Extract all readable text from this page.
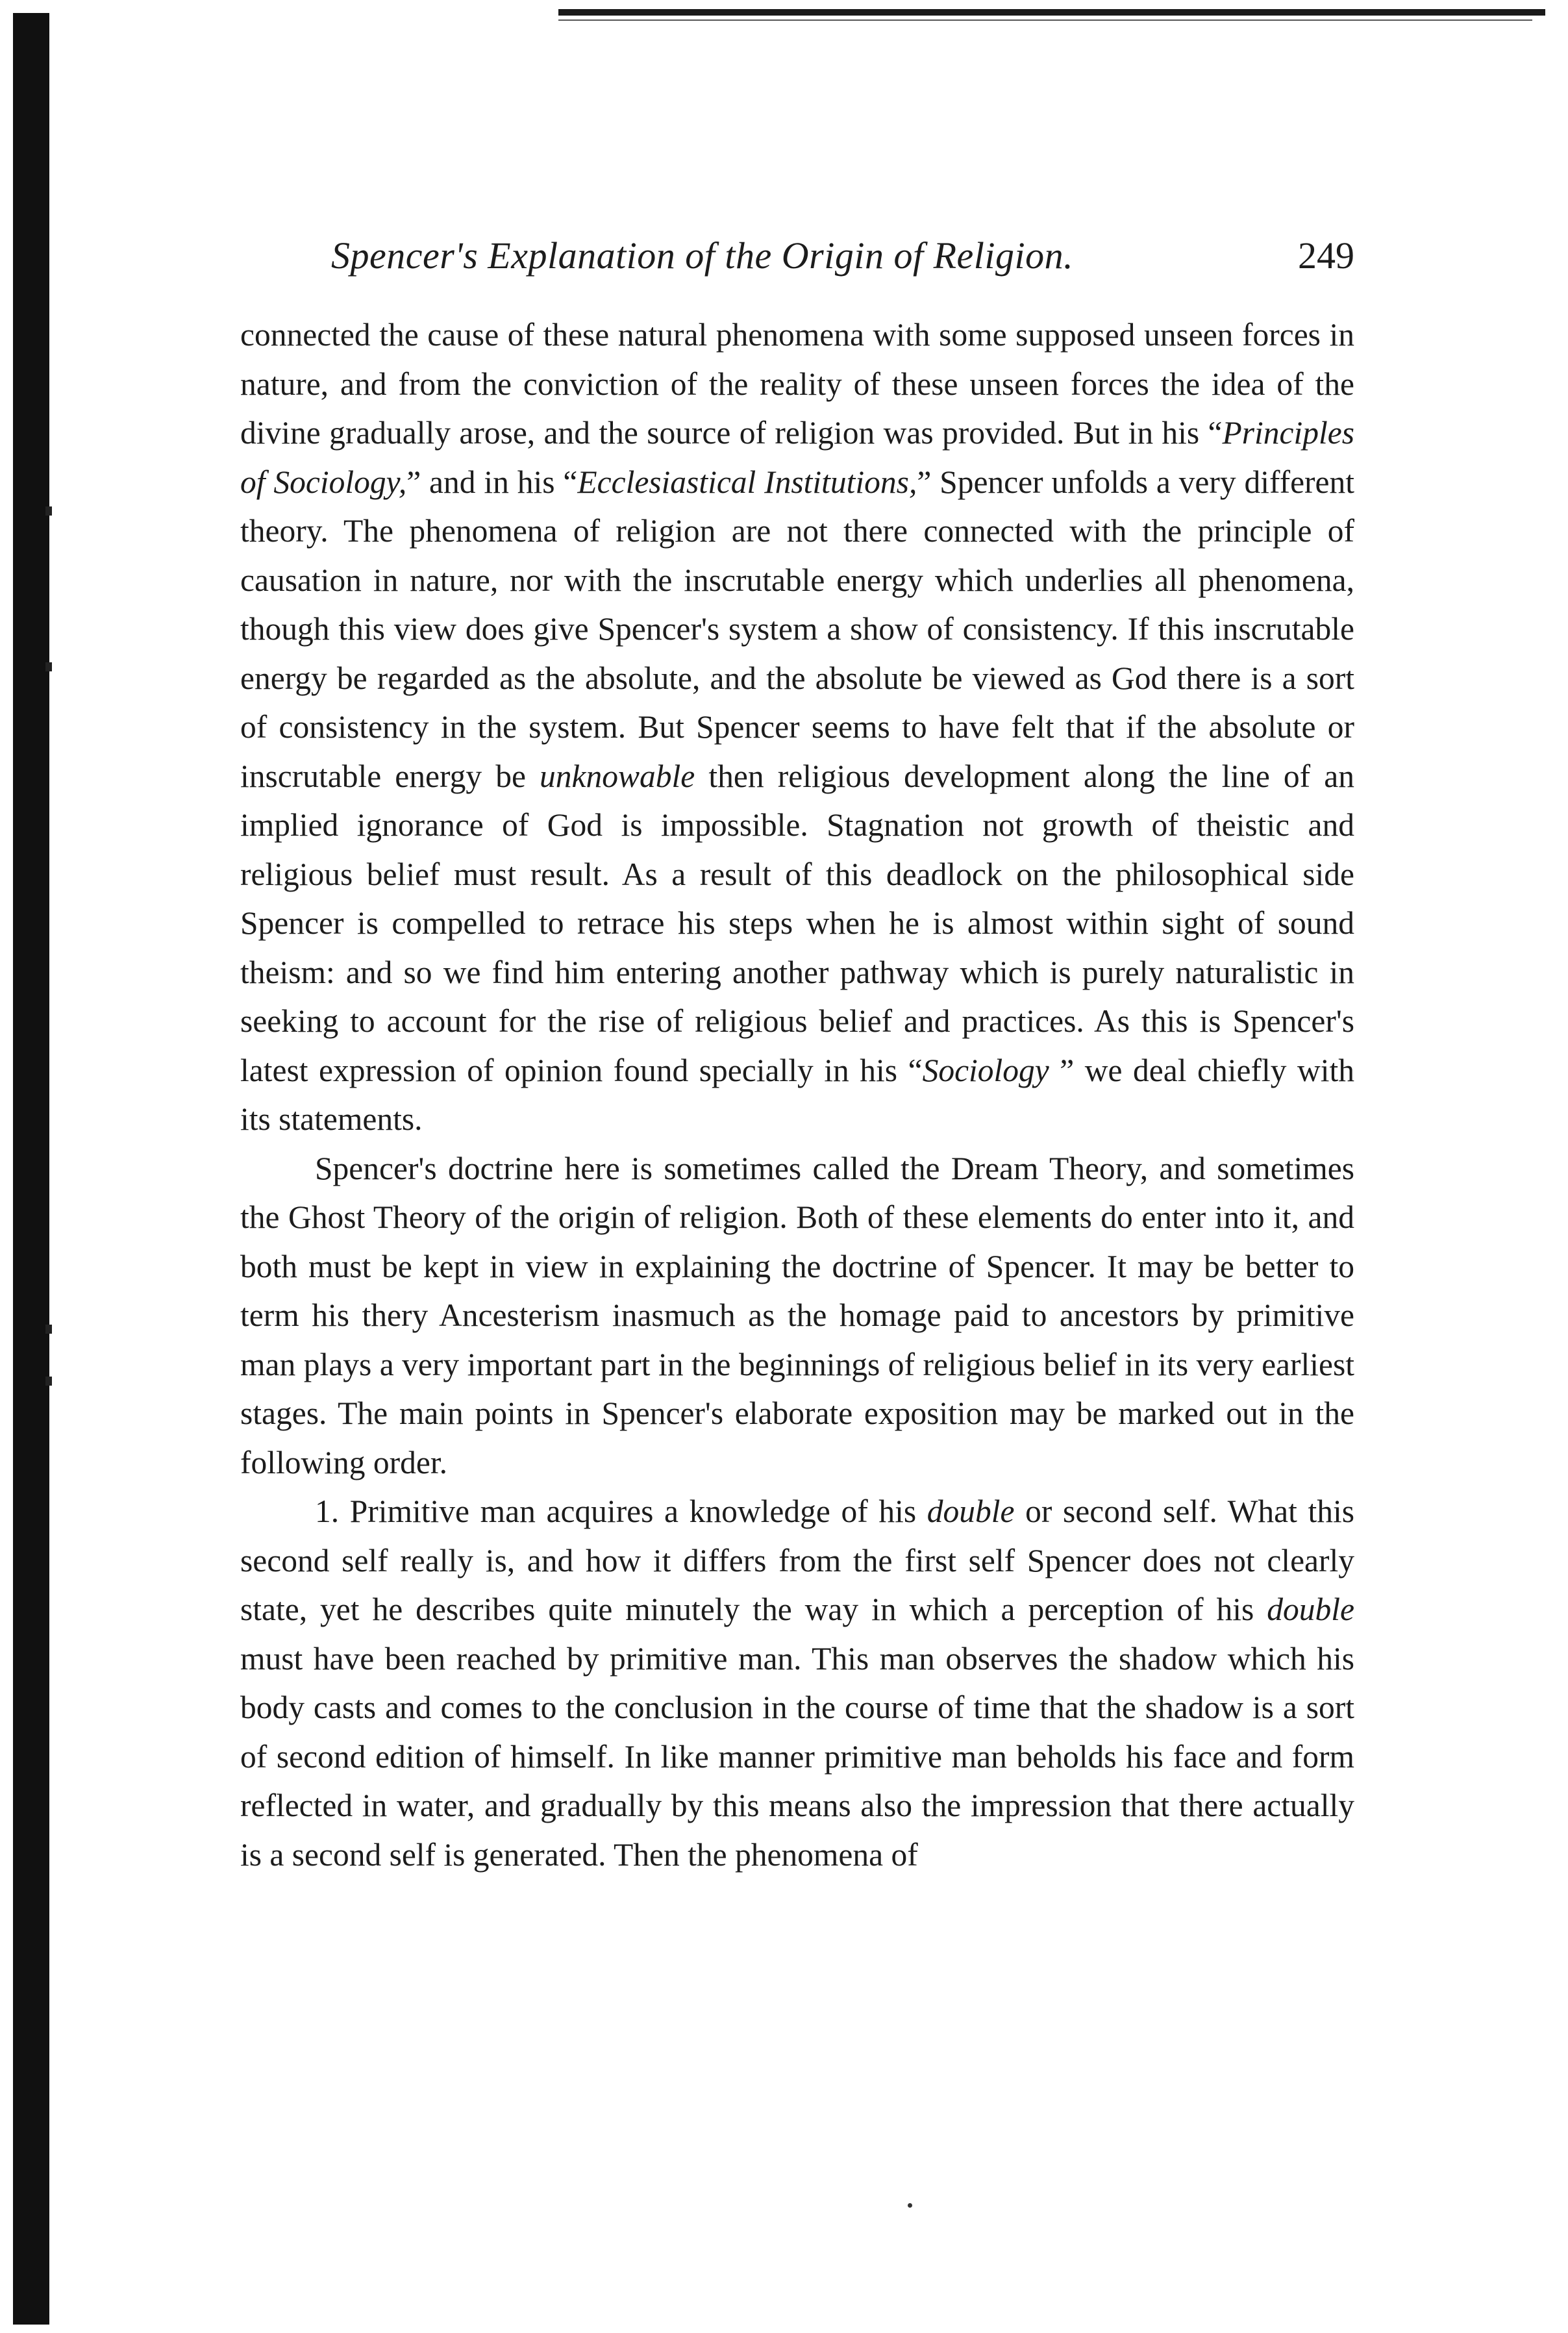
Spencer's Explanation of the Origin of Religion.	249

connected the cause of these natural phenomena with some supposed unseen forces in nature, and from the conviction of the reality of these unseen forces the idea of the divine gradually arose, and the source of religion was provided. But in his “Principles of Sociology,” and in his “Ecclesiastical Institutions,” Spencer unfolds a very different theory. The phenomena of religion are not there connected with the principle of causation in nature, nor with the inscrutable energy which underlies all phenomena, though this view does give Spencer's system a show of consistency. If this inscrutable energy be regarded as the absolute, and the absolute be viewed as God there is a sort of consistency in the system. But Spencer seems to have felt that if the absolute or inscrutable energy be unknowable then religious development along the line of an implied ignorance of God is impossible. Stagnation not growth of theistic and religious belief must result. As a result of this deadlock on the philosophical side Spencer is compelled to retrace his steps when he is almost within sight of sound theism: and so we find him entering another pathway which is purely naturalistic in seeking to account for the rise of religious belief and practices. As this is Spencer's latest expression of opinion found specially in his “Sociology ” we deal chiefly with its statements.

Spencer's doctrine here is sometimes called the Dream Theory, and sometimes the Ghost Theory of the origin of religion. Both of these elements do enter into it, and both must be kept in view in explaining the doctrine of Spencer. It may be better to term his thery Ancesterism inasmuch as the homage paid to ancestors by primitive man plays a very important part in the beginnings of religious belief in its very earliest stages. The main points in Spencer's elaborate exposition may be marked out in the following order.

1. Primitive man acquires a knowledge of his double or second self. What this second self really is, and how it differs from the first self Spencer does not clearly state, yet he describes quite minutely the way in which a perception of his double must have been reached by primitive man. This man observes the shadow which his body casts and comes to the conclusion in the course of time that the shadow is a sort of second edition of himself. In like manner primitive man beholds his face and form reflected in water, and gradually by this means also the impression that there actually is a second self is generated. Then the phenomena of
